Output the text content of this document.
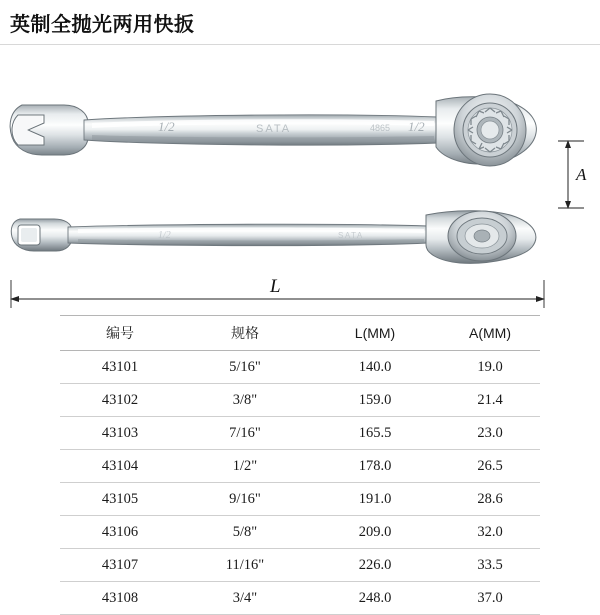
英制全抛光两用快扳
1/2	SATA	4865 1/2
1/2	SATA
A
L
编号	规格	L(MM)	A(MM)
43101	5/16"	140.0	19.0
43102	3/8"	159.0	21.4
43103	7/16"	165.5	23.0
43104	1/2"	178.0	26.5
43105	9/16"	191.0	28.6
43106	5/8"	209.0	32.0
43107	11/16"	226.0	33.5
43108	3/4"	248.0	37.0
